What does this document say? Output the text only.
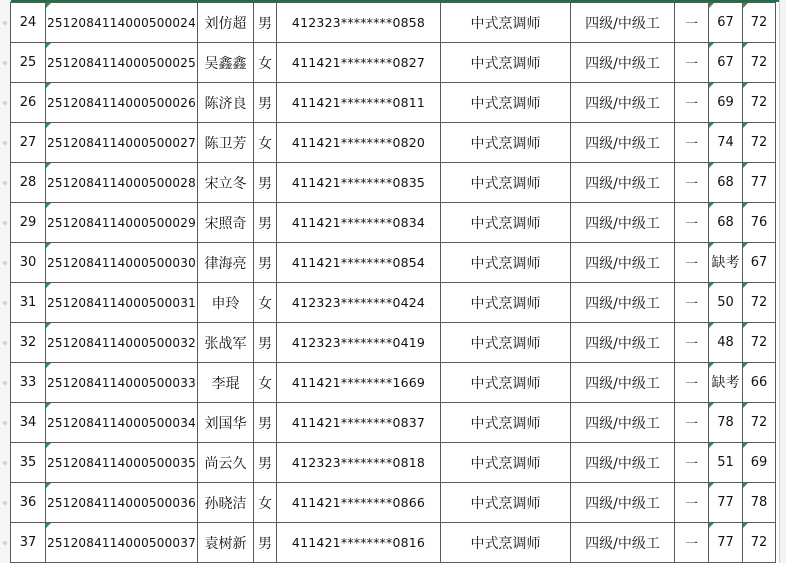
24	2512084114000500024	刘仿超	男	412323********0858	中式烹调师	四级/中级工	一	67	72
25	2512084114000500025	吴鑫鑫	女	411421********0827	中式烹调师	四级/中级工	一	67	72
26	2512084114000500026	陈济良	男	411421********0811	中式烹调师	四级/中级工	一	69	72
27	2512084114000500027	陈卫芳	女	411421********0820	中式烹调师	四级/中级工	一	74	72
28	2512084114000500028	宋立冬	男	411421********0835	中式烹调师	四级/中级工	一	68	77
29	2512084114000500029	宋照奇	男	411421********0834	中式烹调师	四级/中级工	一	68	76
30	2512084114000500030	律海亮	男	411421********0854	中式烹调师	四级/中级工	一	缺考	67
31	2512084114000500031	申玲	女	412323********0424	中式烹调师	四级/中级工	一	50	72
32	2512084114000500032	张战军	男	412323********0419	中式烹调师	四级/中级工	一	48	72
33	2512084114000500033	李琨	女	411421********1669	中式烹调师	四级/中级工	一	缺考	66
34	2512084114000500034	刘国华	男	411421********0837	中式烹调师	四级/中级工	一	78	72
35	2512084114000500035	尚云久	男	412323********0818	中式烹调师	四级/中级工	一	51	69
36	2512084114000500036	孙晓洁	女	411421********0866	中式烹调师	四级/中级工	一	77	78
37	2512084114000500037	袁树新	男	411421********0816	中式烹调师	四级/中级工	一	77	72
